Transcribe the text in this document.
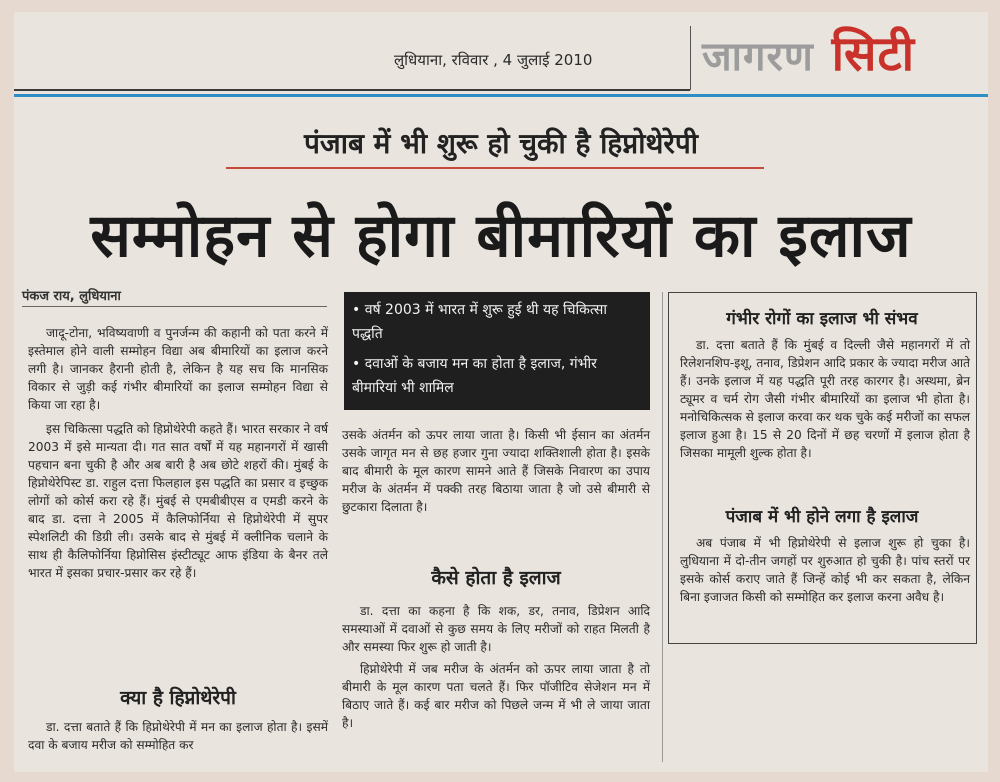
लुधियाना, रविवार , 4 जुलाई 2010	जागरण सिटी
पंजाब में भी शुरू हो चुकी है हिप्नोथेरेपी
सम्मोहन से होगा बीमारियों का इलाज
पंकज राय, लुधियाना

जादू-टोना, भविष्यवाणी व पुनर्जन्म की कहानी को पता करने में इस्तेमाल होने वाली सम्मोहन विद्या अब बीमारियों का इलाज करने लगी है। जानकर हैरानी होती है, लेकिन है यह सच कि मानसिक विकार से जुड़ी कई गंभीर बीमारियों का इलाज सम्मोहन विद्या से किया जा रहा है।

इस चिकित्सा पद्धति को हिप्नोथेरेपी कहते हैं। भारत सरकार ने वर्ष 2003 में इसे मान्यता दी। गत सात वर्षों में यह महानगरों में खासी पहचान बना चुकी है और अब बारी है अब छोटे शहरों की। मुंबई के हिप्नोथेरेपिस्ट डा. राहुल दत्ता फिलहाल इस पद्धति का प्रसार व इच्छुक लोगों को कोर्स करा रहे हैं। मुंबई से एमबीबीएस व एमडी करने के बाद डा. दत्ता ने 2005 में कैलिफोर्निया से हिप्नोथेरेपी में सुपर स्पेशलिटी की डिग्री ली। उसके बाद से मुंबई में क्लीनिक चलाने के साथ ही कैलिफोर्निया हिप्नोसिस इंस्टीट्यूट आफ इंडिया के बैनर तले भारत में इसका प्रचार-प्रसार कर रहे हैं।

क्या है हिप्नोथेरेपी

डा. दत्ता बताते हैं कि हिप्नोथेरेपी में मन का इलाज होता है। इसमें दवा के बजाय मरीज को सम्मोहित कर

• वर्ष 2003 में भारत में शुरू हुई थी यह चिकित्सा पद्धति

• दवाओं के बजाय मन का होता है इलाज, गंभीर बीमारियां भी शामिल

उसके अंतर्मन को ऊपर लाया जाता है। किसी भी ईसान का अंतर्मन उसके जागृत मन से छह हजार गुना ज्यादा शक्तिशाली होता है। इसके बाद बीमारी के मूल कारण सामने आते हैं जिसके निवारण का उपाय मरीज के अंतर्मन में पक्की तरह बिठाया जाता है जो उसे बीमारी से छुटकारा दिलाता है।

कैसे होता है इलाज

डा. दत्ता का कहना है कि शक, डर, तनाव, डिप्रेशन आदि समस्याओं में दवाओं से कुछ समय के लिए मरीजों को राहत मिलती है और समस्या फिर शुरू हो जाती है।

हिप्नोथेरेपी में जब मरीज के अंतर्मन को ऊपर लाया जाता है तो बीमारी के मूल कारण पता चलते हैं। फिर पॉजीटिव सेजेशन मन में बिठाए जाते हैं। कई बार मरीज को पिछले जन्म में भी ले जाया जाता है।

गंभीर रोगों का इलाज भी संभव

डा. दत्ता बताते हैं कि मुंबई व दिल्ली जैसे महानगरों में तो रिलेशनशिप-इशू, तनाव, डिप्रेशन आदि प्रकार के ज्यादा मरीज आते हैं। उनके इलाज में यह पद्धति पूरी तरह कारगर है। अस्थमा, ब्रेन ट्यूमर व चर्म रोग जैसी गंभीर बीमारियों का इलाज भी होता है। मनोचिकित्सक से इलाज करवा कर थक चुके कई मरीजों का सफल इलाज हुआ है। 15 से 20 दिनों में छह चरणों में इलाज होता है जिसका मामूली शुल्क होता है।

पंजाब में भी होने लगा है इलाज

अब पंजाब में भी हिप्नोथेरेपी से इलाज शुरू हो चुका है। लुधियाना में दो-तीन जगहों पर शुरुआत हो चुकी है। पांच स्तरों पर इसके कोर्स कराए जाते हैं जिन्हें कोई भी कर सकता है, लेकिन बिना इजाजत किसी को सम्मोहित कर इलाज करना अवैध है।
